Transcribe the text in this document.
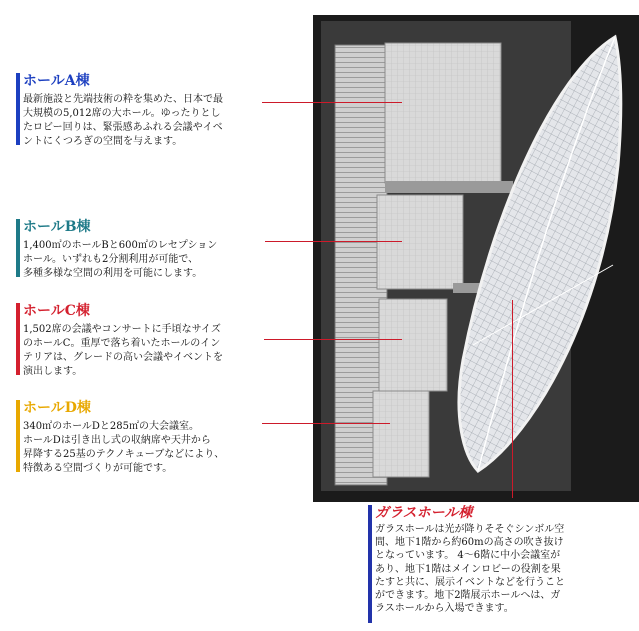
ホールA棟

最新施設と先端技術の粋を集めた、日本で最
大規模の5,012席の大ホール。ゆったりとし
たロビー回りは、緊張感あふれる会議やイベ
ントにくつろぎの空間を与えます。

ホールB棟

1,400㎡のホールBと600㎡のレセプション
ホール。いずれも2分割利用が可能で、
多種多様な空間の利用を可能にします。

ホールC棟

1,502席の会議やコンサートに手頃なサイズ
のホールC。重厚で落ち着いたホールのイン
テリアは、グレードの高い会議やイベントを
演出します。

ホールD棟

340㎡のホールDと285㎡の大会議室。
ホールDは引き出し式の収納席や天井から
昇降する25基のテクノキューブなどにより、
特徴ある空間づくりが可能です。

ガラスホール棟

ガラスホールは光が降りそそぐシンボル空
間、地下1階から約60mの高さの吹き抜け
となっています。 4～6階に中小会議室が
あり、地下1階はメインロビーの役割を果
たすと共に、展示イベントなどを行うこと
ができます。地下2階展示ホールへは、ガ
ラスホールから入場できます。
